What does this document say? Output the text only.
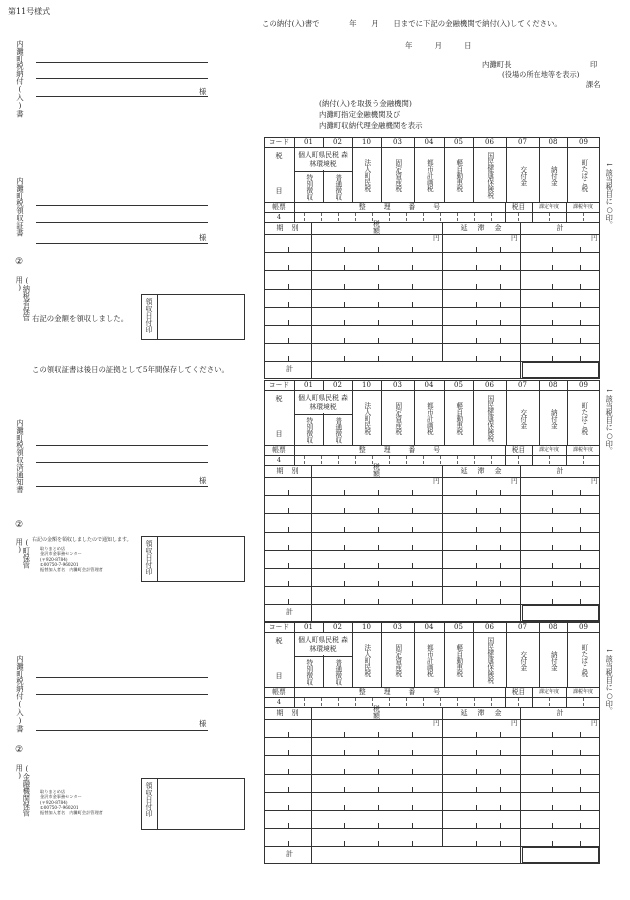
第11号様式
この納付(入)書で　　　　年　　月　　日までに下記の金融機関で納付(入)してください。
年　　　月　　　日
内灘町長	印
(役場の所在地等を表示)
課名
(納付(入)を取扱う金融機関)
内灘町指定金融機関及び
内灘町収納代理金融機関を表示
内灘町税納付(入)書	様
内灘町税領収証書
②
(納税者保管用)
様
右記の金額を領収しました。 領収日付印
この領収証書は後日の証拠として5年間保存してください。
内灘町税領収済通知書
②
(町保管用)
様
右記の金額を領収しましたので通知します。
取りまとめ店
金沢市金事務センター
(〒920-8784)
①00750-7-960201
振替加入者名　内灘町会計管理者	領収日付印
内灘町税納付(入)書
②
(金融機関保管用)
様
取りまとめ店
金沢市金事務センター
(〒920-8784)
①00750-7-960201
振替加入者名　内灘町会計管理者	領収日付印
←該当税目に○印。
←該当税目に○印。
←該当税目に○印。
コード	01	02	10	03	04	05	06	07	08	09
税
目
個人町県民税 森林環境税
特別徴収	普通徴収	法人町民税	固定資産税	都市計画税	軽自動車税	国民健康保険税	交付金	納付金	町たばこ税
帳票	整理番号	税目	課定年度	課税年度
4
期別	税額	延滞金	計
円	円	円
計
コード	01	02	10	03	04	05	06	07	08	09
税
目
個人町県民税 森林環境税
特別徴収	普通徴収	法人町民税	固定資産税	都市計画税	軽自動車税	国民健康保険税	交付金	納付金	町たばこ税
帳票	整理番号	税目	課定年度	課税年度
4
期別	税額	延滞金	計
円	円	円
計
コード	01	02	10	03	04	05	06	07	08	09
税
目
個人町県民税 森林環境税
特別徴収	普通徴収	法人町民税	固定資産税	都市計画税	軽自動車税	国民健康保険税	交付金	納付金	町たばこ税
帳票	整理番号	税目	課定年度	課税年度
4
期別	税額	延滞金	計
円	円	円
計
